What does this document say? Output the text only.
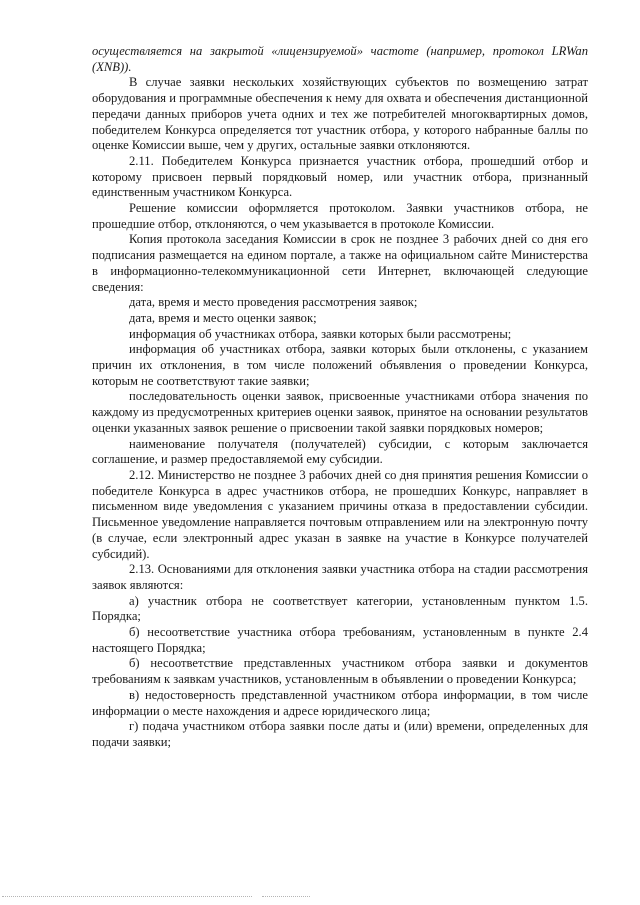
осуществляется на закрытой «лицензируемой» частоте (например, протокол LRWan (XNB)).

В случае заявки нескольких хозяйствующих субъектов по возмещению затрат оборудования и программные обеспечения к нему для охвата и обеспечения дистанционной передачи данных приборов учета одних и тех же потребителей многоквартирных домов, победителем Конкурса определяется тот участник отбора, у которого набранные баллы по оценке Комиссии выше, чем у других, остальные заявки отклоняются.

2.11. Победителем Конкурса признается участник отбора, прошедший отбор и которому присвоен первый порядковый номер, или участник отбора, признанный единственным участником Конкурса.

Решение комиссии оформляется протоколом. Заявки участников отбора, не прошедшие отбор, отклоняются, о чем указывается в протоколе Комиссии.

Копия протокола заседания Комиссии в срок не позднее 3 рабочих дней со дня его подписания размещается на едином портале, а также на официальном сайте Министерства в информационно-телекоммуникационной сети Интернет, включающей следующие сведения:

дата, время и место проведения рассмотрения заявок;

дата, время и место оценки заявок;

информация об участниках отбора, заявки которых были рассмотрены;

информация об участниках отбора, заявки которых были отклонены, с указанием причин их отклонения, в том числе положений объявления о проведении Конкурса, которым не соответствуют такие заявки;

последовательность оценки заявок, присвоенные участниками отбора значения по каждому из предусмотренных критериев оценки заявок, принятое на основании результатов оценки указанных заявок решение о присвоении такой заявки порядковых номеров;

наименование получателя (получателей) субсидии, с которым заключается соглашение, и размер предоставляемой ему субсидии.

2.12. Министерство не позднее 3 рабочих дней со дня принятия решения Комиссии о победителе Конкурса в адрес участников отбора, не прошедших Конкурс, направляет в письменном виде уведомления с указанием причины отказа в предоставлении субсидии. Письменное уведомление направляется почтовым отправлением или на электронную почту (в случае, если электронный адрес указан в заявке на участие в Конкурсе получателей субсидий).

2.13. Основаниями для отклонения заявки участника отбора на стадии рассмотрения заявок являются:

а) участник отбора не соответствует категории, установленным пунктом 1.5. Порядка;

б) несоответствие участника отбора требованиям, установленным в пункте 2.4 настоящего Порядка;

б) несоответствие представленных участником отбора заявки и документов требованиям к заявкам участников, установленным в объявлении о проведении Конкурса;

в) недостоверность представленной участником отбора информации, в том числе информации о месте нахождения и адресе юридического лица;

г) подача участником отбора заявки после даты и (или) времени, определенных для подачи заявки;
